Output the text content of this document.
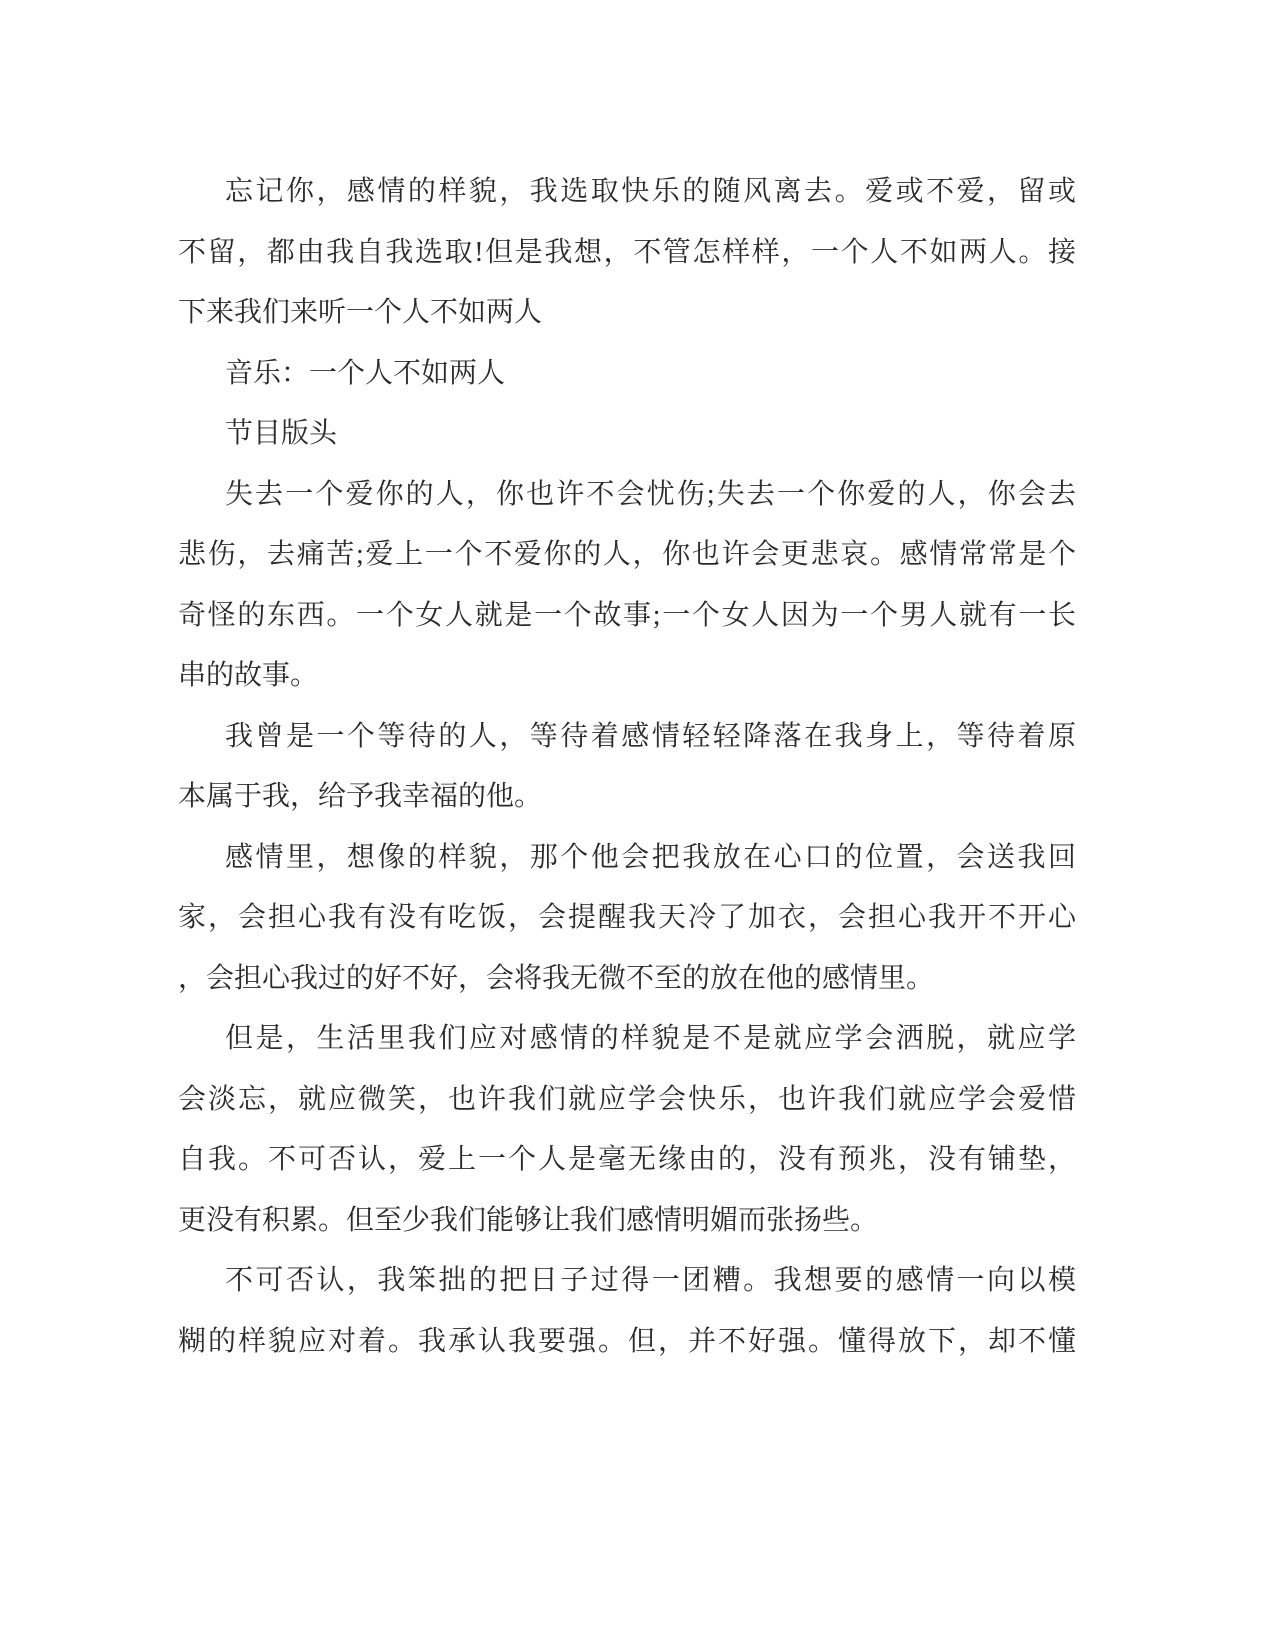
忘记你，感情的样貌，我选取快乐的随风离去。爱或不爱，留或
不留，都由我自我选取!但是我想，不管怎样样，一个人不如两人。接
下来我们来听一个人不如两人
音乐：一个人不如两人
节目版头
失去一个爱你的人，你也许不会忧伤;失去一个你爱的人，你会去
悲伤，去痛苦;爱上一个不爱你的人，你也许会更悲哀。感情常常是个
奇怪的东西。一个女人就是一个故事;一个女人因为一个男人就有一长
串的故事。
我曾是一个等待的人，等待着感情轻轻降落在我身上，等待着原
本属于我，给予我幸福的他。
感情里，想像的样貌，那个他会把我放在心口的位置，会送我回
家，会担心我有没有吃饭，会提醒我天冷了加衣，会担心我开不开心
，会担心我过的好不好，会将我无微不至的放在他的感情里。
但是，生活里我们应对感情的样貌是不是就应学会洒脱，就应学
会淡忘，就应微笑，也许我们就应学会快乐，也许我们就应学会爱惜
自我。不可否认，爱上一个人是毫无缘由的，没有预兆，没有铺垫，
更没有积累。但至少我们能够让我们感情明媚而张扬些。
不可否认，我笨拙的把日子过得一团糟。我想要的感情一向以模
糊的样貌应对着。我承认我要强。但，并不好强。懂得放下，却不懂
